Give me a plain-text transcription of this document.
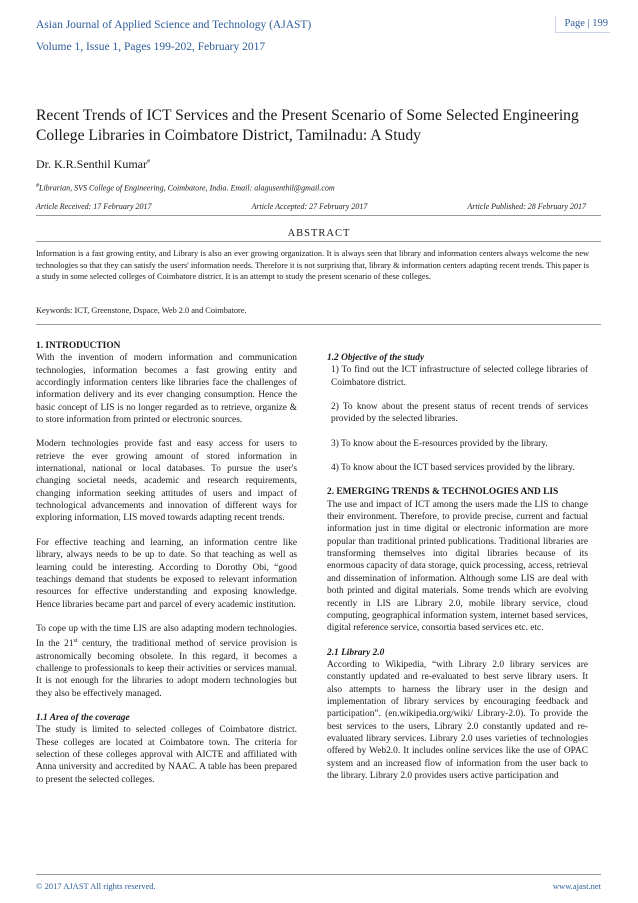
Asian Journal of Applied Science and Technology (AJAST)
Volume 1, Issue 1, Pages 199-202, February 2017
Page | 199
Recent Trends of ICT Services and the Present Scenario of Some Selected Engineering College Libraries in Coimbatore District, Tamilnadu: A Study
Dr. K.R.Senthil Kumar#
#Librarian, SVS College of Engineering, Coimbatore, India. Email: alagusenthil@gmail.com
Article Received: 17 February 2017	Article Accepted: 27 February 2017	Article Published: 28 February 2017
ABSTRACT
Information is a fast growing entity, and Library is also an ever growing organization. It is always seen that library and information centers always welcome the new technologies so that they can satisfy the users' information needs. Therefore it is not surprising that, library & information centers adapting recent trends. This paper is a study in some selected colleges of Coimbatore district. It is an attempt to study the present scenario of these colleges.
Keywords: ICT, Greenstone, Dspace, Web 2.0 and Coimbatore.
1. INTRODUCTION

With the invention of modern information and communication technologies, information becomes a fast growing entity and accordingly information centers like libraries face the challenges of information delivery and its ever changing consumption. Hence the basic concept of LIS is no longer regarded as to retrieve, organize & to store information from printed or electronic sources.

Modern technologies provide fast and easy access for users to retrieve the ever growing amount of stored information in international, national or local databases. To pursue the user's changing societal needs, academic and research requirements, changing information seeking attitudes of users and impact of technological advancements and innovation of different ways for exploring information, LIS moved towards adapting recent trends.

For effective teaching and learning, an information centre like library, always needs to be up to date. So that teaching as well as learning could be interesting. According to Dorothy Obi, “good teachings demand that students be exposed to relevant information resources for effective understanding and exposing knowledge. Hence libraries became part and parcel of every academic institution.

To cope up with the time LIS are also adapting modern technologies. In the 21st century, the traditional method of service provision is astronomically becoming obsolete. In this regard, it becomes a challenge to professionals to keep their activities or services manual. It is not enough for the libraries to adopt modern technologies but they also be effectively managed.

1.1 Area of the coverage

The study is limited to selected colleges of Coimbatore district. These colleges are located at Coimbatore town. The criteria for selection of these colleges approval with AICTE and affiliated with Anna university and accredited by NAAC. A table has been prepared to present the selected colleges.

1.2 Objective of the study

1) To find out the ICT infrastructure of selected college libraries of Coimbatore district.

2) To know about the present status of recent trends of services provided by the selected libraries.

3) To know about the E-resources provided by the library.

4) To know about the ICT based services provided by the library.

2. EMERGING TRENDS & TECHNOLOGIES AND LIS

The use and impact of ICT among the users made the LIS to change their environment. Therefore, to provide precise, current and factual information just in time digital or electronic information are more popular than traditional printed publications. Traditional libraries are transforming themselves into digital libraries because of its enormous capacity of data storage, quick processing, access, retrieval and dissemination of information. Although some LIS are deal with both printed and digital materials. Some trends which are evolving recently in LIS are Library 2.0, mobile library service, cloud computing, geographical information system, internet based services, digital reference service, consortia based services etc. etc.

2.1 Library 2.0

According to Wikipedia, “with Library 2.0 library services are constantly updated and re-evaluated to best serve library users. It also attempts to harness the library user in the design and implementation of library services by encouraging feedback and participation”. (en.wikipedia.org/wiki/ Library-2.0). To provide the best services to the users, Library 2.0 constantly updated and re-evaluated library services. Library 2.0 uses varieties of technologies offered by Web2.0. It includes online services like the use of OPAC system and an increased flow of information from the user back to the library. Library 2.0 provides users active participation and

© 2017 AJAST All rights reserved.	www.ajast.net
